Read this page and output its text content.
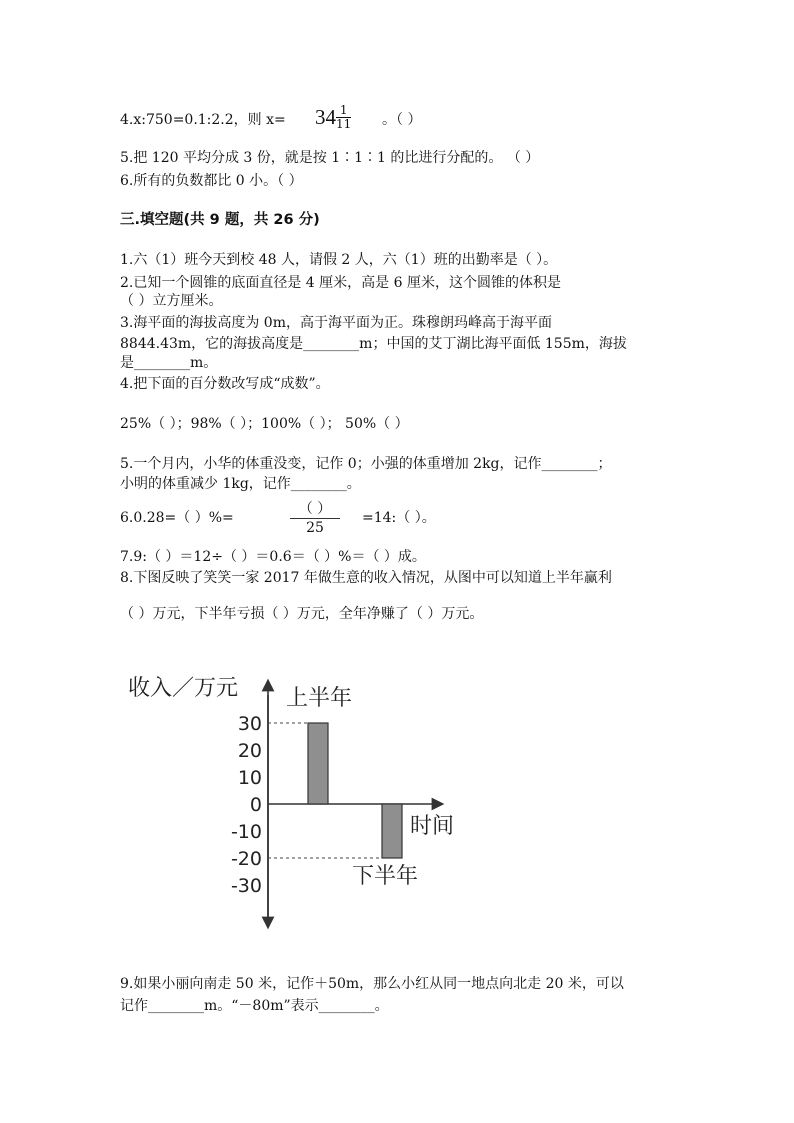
4.x:750=0.1:2.2，则 $x= 34 \frac{1}{11}$ 。（ ）
5.把 120 平均分成 3 份，就是按 1∶1∶1 的比进行分配的。 （ ）
6.所有的负数都比 0 小。（ ）
三.填空题(共 9 题，共 26 分)
1.六（1）班今天到校 48 人，请假 2 人，六（1）班的出勤率是（ ）。
2.已知一个圆锥的底面直径是 4 厘米，高是 6 厘米，这个圆锥的体积是
（ ）立方厘米。
3.海平面的海拔高度为 0m，高于海平面为正。珠穆朗玛峰高于海平面
8844.43m，它的海拔高度是________m；中国的艾丁湖比海平面低 155m，海拔
是________m。
4.把下面的百分数改写成“成数”。
25%（ ）；98%（ ）；100%（ ）； 50%（ ）
5.一个月内，小华的体重没变，记作 0；小强的体重增加 2kg，记作________；
小明的体重减少 1kg，记作________。
6.0.28=（ ）%=
（ ）
25
=14:（ ）。
7.9:（ ）＝12÷（ ）＝0.6＝（ ）%＝（ ）成。
8.下图反映了笑笑一家 2017 年做生意的收入情况，从图中可以知道上半年赢利
（ ）万元，下半年亏损（ ）万元，全年净赚了（ ）万元。
收入／万元
时间
30
20
10
0
-10
-20
-30
上半年
下半年
9.如果小丽向南走 50 米，记作＋50m，那么小红从同一地点向北走 20 米，可以
记作________m。“－80m”表示________。
